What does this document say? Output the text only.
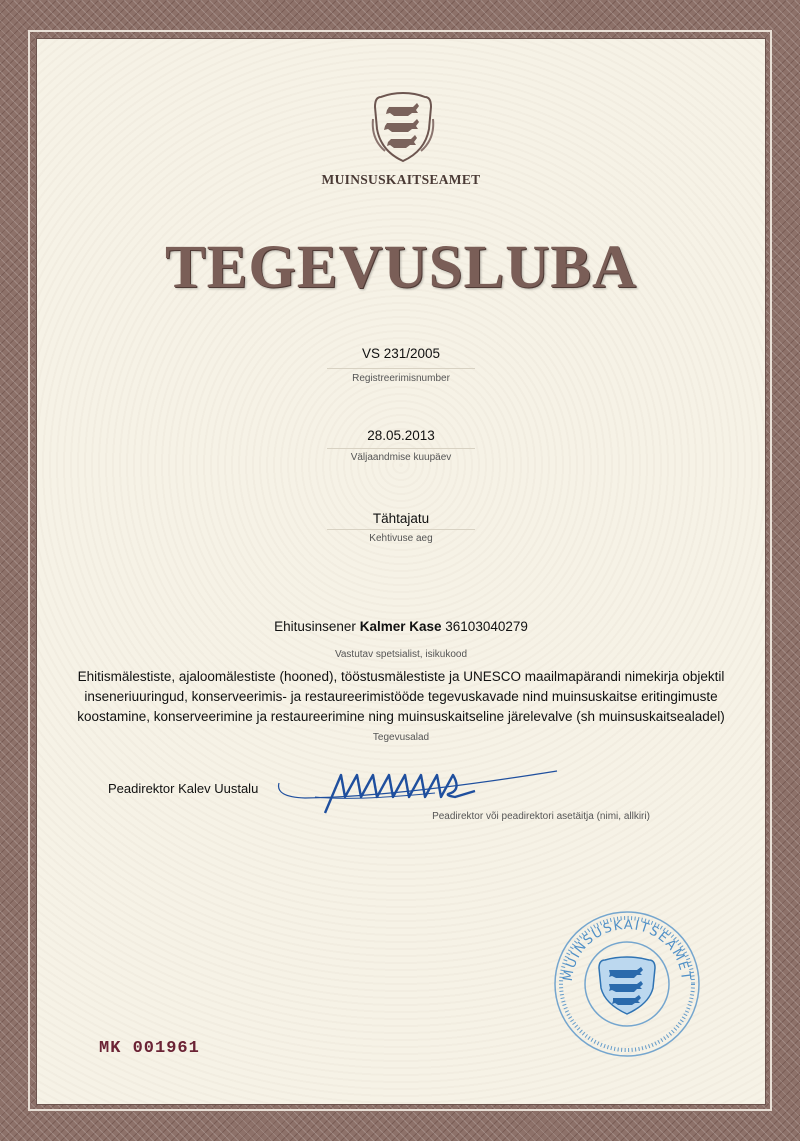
MUINSUSKAITSEAMET
TEGEVUSLUBA
VS 231/2005
Registreerimisnumber
28.05.2013
Väljaandmise kuupäev
Tähtajatu
Kehtivuse aeg
Ehitusinsener Kalmer Kase 36103040279
Vastutav spetsialist, isikukood
Ehitismälestiste, ajaloomälestiste (hooned), tööstusmälestiste ja UNESCO maailmapärandi nimekirja objektil
inseneriuuringud, konserveerimis- ja restaureerimistööde tegevuskavade nind muinsuskaitse eritingimuste
koostamine, konserveerimine ja restaureerimine ning muinsuskaitseline järelevalve (sh muinsuskaitsealadel)
Tegevusalad
Peadirektor Kalev Uustalu
Peadirektor või peadirektori asetäitja (nimi, allkiri)
MK 001961
MUINSUSKAITSEAMET
